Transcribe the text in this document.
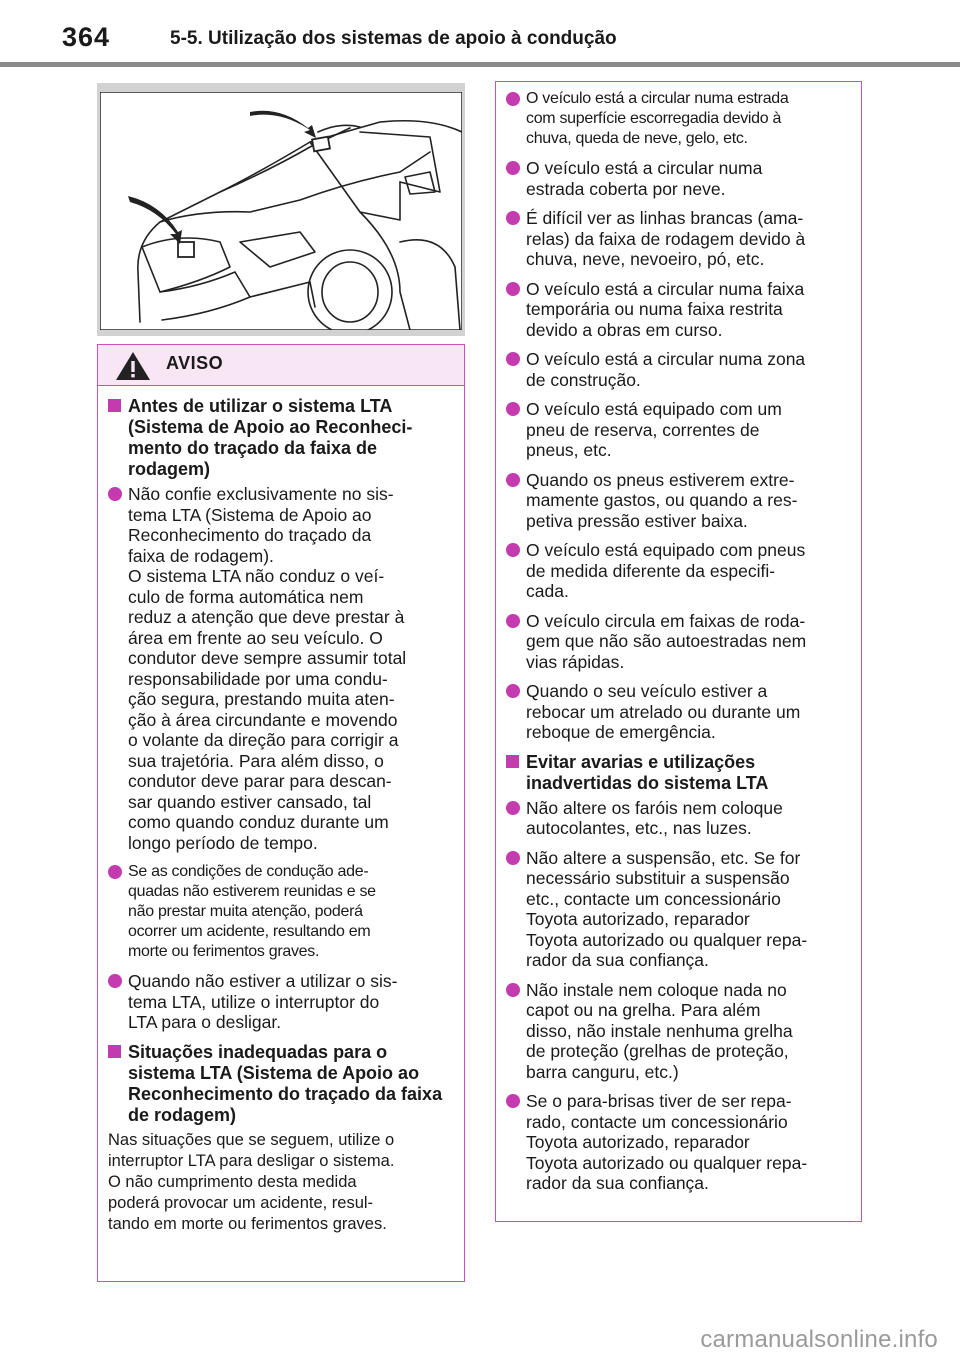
364	5-5. Utilização dos sistemas de apoio à condução
AVISO
Antes de utilizar o sistema LTA (Sistema de Apoio ao Reconheci-mento do traçado da faixa de rodagem)
Não confie exclusivamente no sis-
tema LTA (Sistema de Apoio ao
Reconhecimento do traçado da
faixa de rodagem).
O sistema LTA não conduz o veí-
culo de forma automática nem
reduz a atenção que deve prestar à
área em frente ao seu veículo. O
condutor deve sempre assumir total
responsabilidade por uma condu-
ção segura, prestando muita aten-
ção à área circundante e movendo
o volante da direção para corrigir a
sua trajetória. Para além disso, o
condutor deve parar para descan-
sar quando estiver cansado, tal
como quando conduz durante um
longo período de tempo.
Se as condições de condução ade-
quadas não estiverem reunidas e se
não prestar muita atenção, poderá
ocorrer um acidente, resultando em
morte ou ferimentos graves.
Quando não estiver a utilizar o sis-
tema LTA, utilize o interruptor do
LTA para o desligar.
Situações inadequadas para o sistema LTA (Sistema de Apoio ao Reconhecimento do traçado da faixa de rodagem)
Nas situações que se seguem, utilize o
interruptor LTA para desligar o sistema.
O não cumprimento desta medida
poderá provocar um acidente, resul-
tando em morte ou ferimentos graves.
O veículo está a circular numa estrada
com superfície escorregadia devido à
chuva, queda de neve, gelo, etc.
O veículo está a circular numa
estrada coberta por neve.
É difícil ver as linhas brancas (ama-
relas) da faixa de rodagem devido à
chuva, neve, nevoeiro, pó, etc.
O veículo está a circular numa faixa
temporária ou numa faixa restrita
devido a obras em curso.
O veículo está a circular numa zona
de construção.
O veículo está equipado com um
pneu de reserva, correntes de
pneus, etc.
Quando os pneus estiverem extre-
mamente gastos, ou quando a res-
petiva pressão estiver baixa.
O veículo está equipado com pneus
de medida diferente da especifi-
cada.
O veículo circula em faixas de roda-
gem que não são autoestradas nem
vias rápidas.
Quando o seu veículo estiver a
rebocar um atrelado ou durante um
reboque de emergência.
Evitar avarias e utilizações inadvertidas do sistema LTA
Não altere os faróis nem coloque
autocolantes, etc., nas luzes.
Não altere a suspensão, etc. Se for
necessário substituir a suspensão
etc., contacte um concessionário
Toyota autorizado, reparador
Toyota autorizado ou qualquer repa-
rador da sua confiança.
Não instale nem coloque nada no
capot ou na grelha. Para além
disso, não instale nenhuma grelha
de proteção (grelhas de proteção,
barra canguru, etc.)
Se o para-brisas tiver de ser repa-
rado, contacte um concessionário
Toyota autorizado, reparador
Toyota autorizado ou qualquer repa-
rador da sua confiança.
carmanualsonline.info
